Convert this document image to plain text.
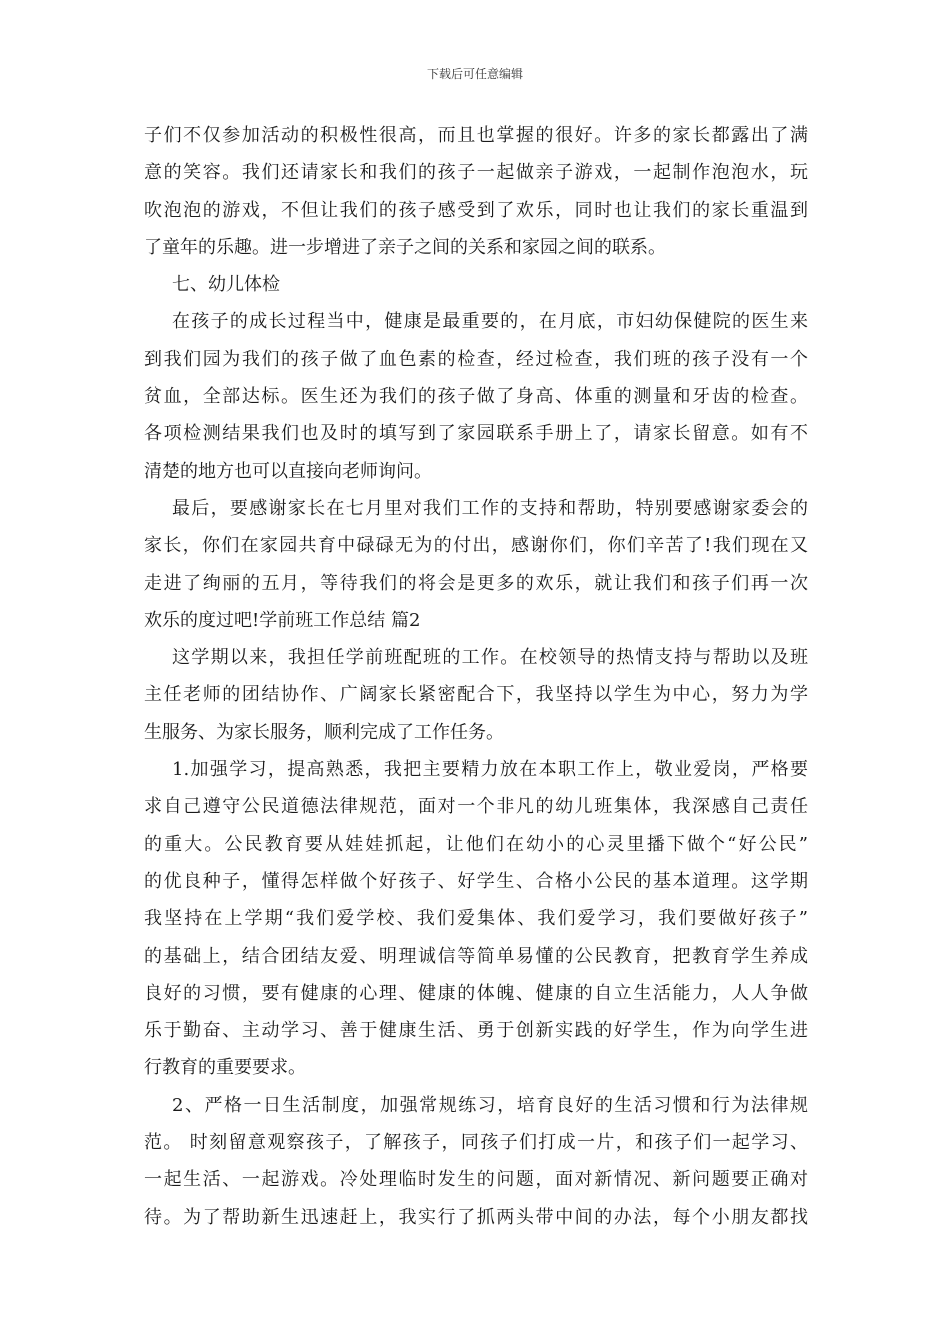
下载后可任意编辑
子们不仅参加活动的积极性很高，而且也掌握的很好。许多的家长都露出了满
意的笑容。我们还请家长和我们的孩子一起做亲子游戏，一起制作泡泡水，玩
吹泡泡的游戏，不但让我们的孩子感受到了欢乐，同时也让我们的家长重温到
了童年的乐趣。进一步增进了亲子之间的关系和家园之间的联系。
七、幼儿体检
在孩子的成长过程当中，健康是最重要的，在月底，市妇幼保健院的医生来
到我们园为我们的孩子做了血色素的检查，经过检查，我们班的孩子没有一个
贫血，全部达标。医生还为我们的孩子做了身高、体重的测量和牙齿的检查。
各项检测结果我们也及时的填写到了家园联系手册上了，请家长留意。如有不
清楚的地方也可以直接向老师询问。
最后，要感谢家长在七月里对我们工作的支持和帮助，特别要感谢家委会的
家长，你们在家园共育中碌碌无为的付出，感谢你们，你们辛苦了!我们现在又
走进了绚丽的五月，等待我们的将会是更多的欢乐，就让我们和孩子们再一次
欢乐的度过吧!学前班工作总结 篇2
这学期以来，我担任学前班配班的工作。在校领导的热情支持与帮助以及班
主任老师的团结协作、广阔家长紧密配合下，我坚持以学生为中心，努力为学
生服务、为家长服务，顺利完成了工作任务。
1.加强学习，提高熟悉，我把主要精力放在本职工作上，敬业爱岗，严格要
求自己遵守公民道德法律规范，面对一个非凡的幼儿班集体，我深感自己责任
的重大。公民教育要从娃娃抓起，让他们在幼小的心灵里播下做个“好公民”
的优良种子，懂得怎样做个好孩子、好学生、合格小公民的基本道理。这学期
我坚持在上学期“我们爱学校、我们爱集体、我们爱学习，我们要做好孩子”
的基础上，结合团结友爱、明理诚信等简单易懂的公民教育，把教育学生养成
良好的习惯，要有健康的心理、健康的体魄、健康的自立生活能力，人人争做
乐于勤奋、主动学习、善于健康生活、勇于创新实践的好学生，作为向学生进
行教育的重要要求。
2、严格一日生活制度，加强常规练习，培育良好的生活习惯和行为法律规
范。 时刻留意观察孩子，了解孩子，同孩子们打成一片，和孩子们一起学习、
一起生活、一起游戏。冷处理临时发生的问题，面对新情况、新问题要正确对
待。为了帮助新生迅速赶上，我实行了抓两头带中间的办法，每个小朋友都找
